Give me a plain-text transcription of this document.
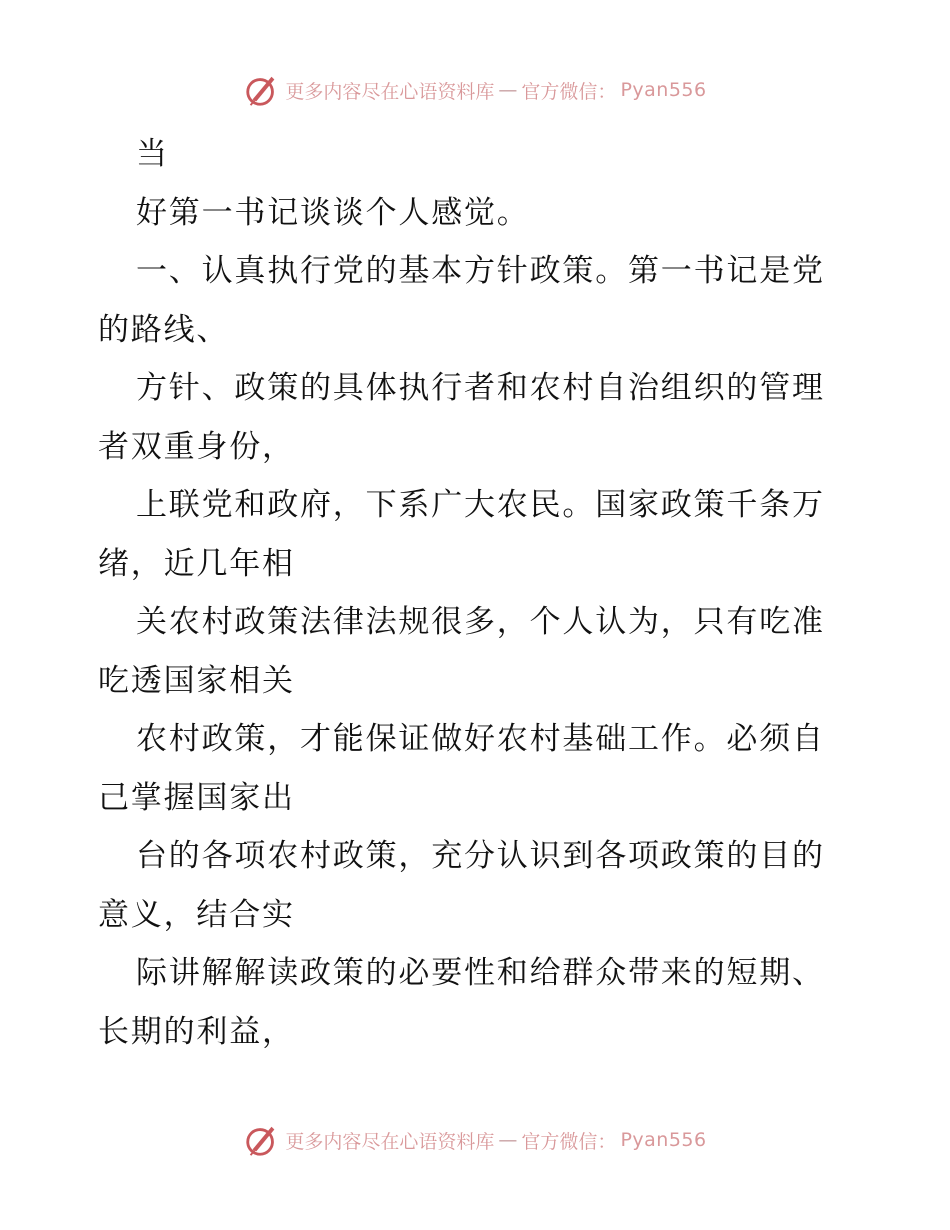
更多内容尽在心语资料库 — 官方微信： Pyan556
当
好第一书记谈谈个人感觉。
一、认真执行党的基本方针政策。第一书记是党
的路线、
方针、政策的具体执行者和农村自治组织的管理
者双重身份，
上联党和政府，下系广大农民。国家政策千条万
绪，近几年相
关农村政策法律法规很多，个人认为，只有吃准
吃透国家相关
农村政策，才能保证做好农村基础工作。必须自
己掌握国家出
台的各项农村政策，充分认识到各项政策的目的
意义，结合实
际讲解解读政策的必要性和给群众带来的短期、
长期的利益，
更多内容尽在心语资料库 — 官方微信： Pyan556
